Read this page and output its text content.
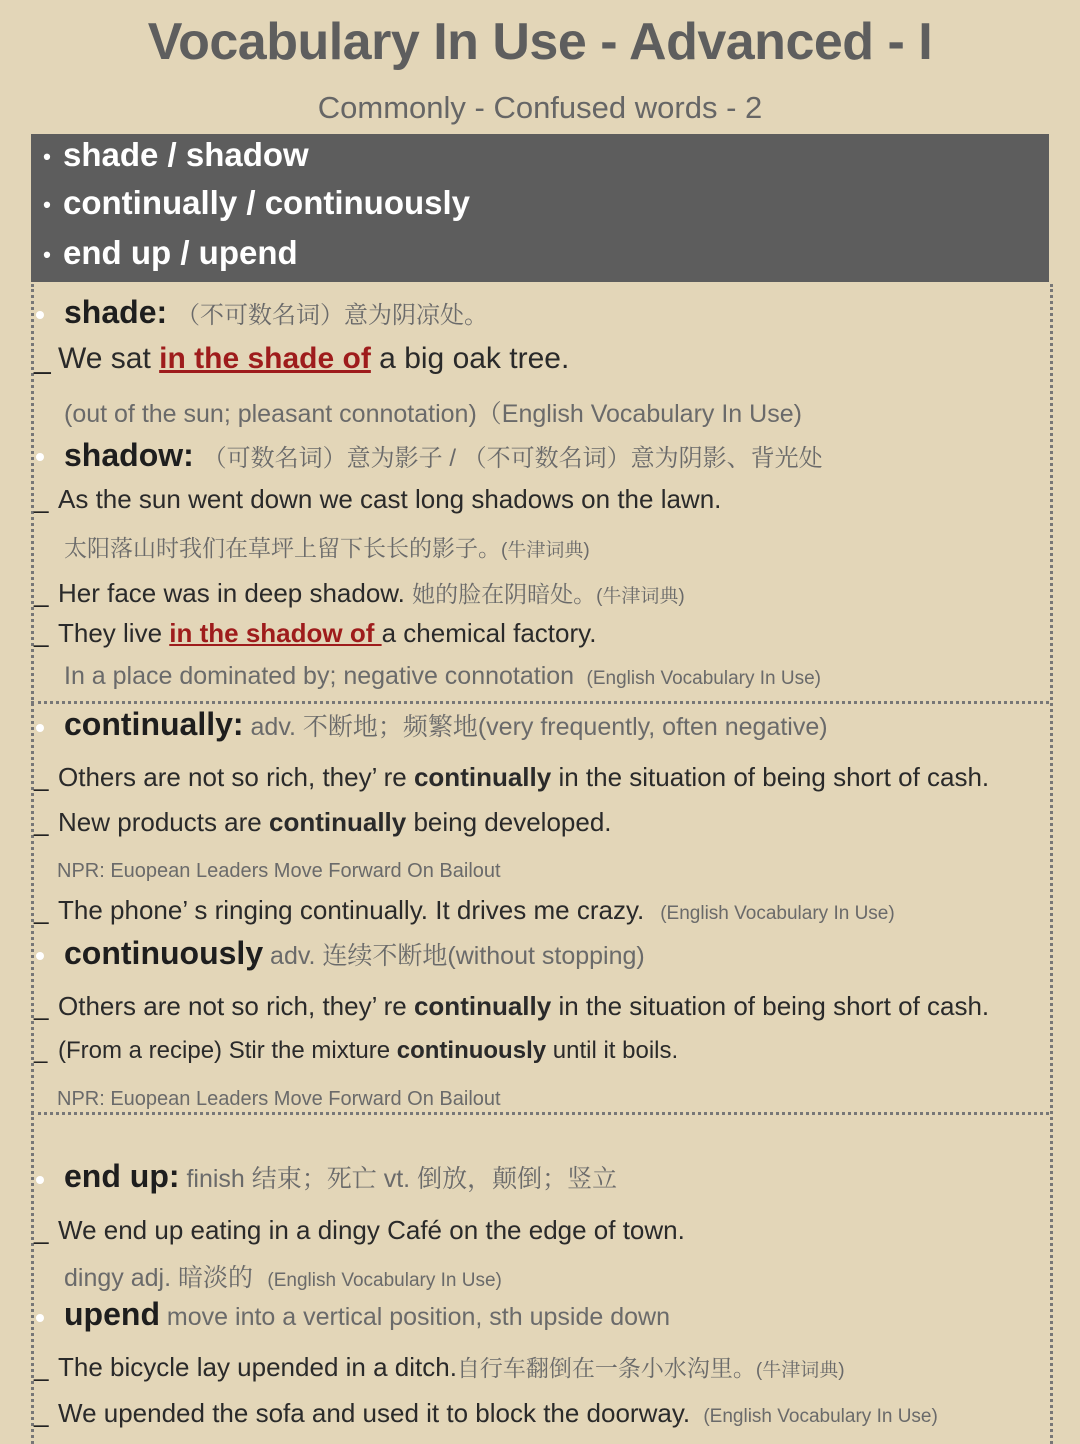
Vocabulary In Use - Advanced - I
Commonly - Confused words - 2
• shade / shadow
• continually / continuously
• end up / upend
shade: （不可数名词）意为阴凉处。
_ We sat in the shade of a big oak tree.
(out of the sun; pleasant connotation)（English Vocabulary In Use)
shadow: （可数名词）意为影子 / （不可数名词）意为阴影、背光处
_ As the sun went down we cast long shadows on the lawn.
太阳落山时我们在草坪上留下长长的影子。(牛津词典)
_ Her face was in deep shadow. 她的脸在阴暗处。(牛津词典)
_ They live in the shadow of a chemical factory.
In a place dominated by; negative connotation (English Vocabulary In Use)
continually: adv. 不断地；频繁地(very frequently, often negative)
_ Others are not so rich, they’ re continually in the situation of being short of cash.
_ New products are continually being developed.
NPR: Euopean Leaders Move Forward On Bailout
_ The phone’ s ringing continually. It drives me crazy. (English Vocabulary In Use)
continuously adv. 连续不断地(without stopping)
_ Others are not so rich, they’ re continually in the situation of being short of cash.
_ (From a recipe) Stir the mixture continuously until it boils.
NPR: Euopean Leaders Move Forward On Bailout
end up: finish 结束；死亡 vt. 倒放，颠倒；竖立
_ We end up eating in a dingy Café on the edge of town.
dingy adj. 暗淡的 (English Vocabulary In Use)
upend move into a vertical position, sth upside down
_ The bicycle lay upended in a ditch.自行车翻倒在一条小水沟里。(牛津词典)
_ We upended the sofa and used it to block the doorway. (English Vocabulary In Use)
